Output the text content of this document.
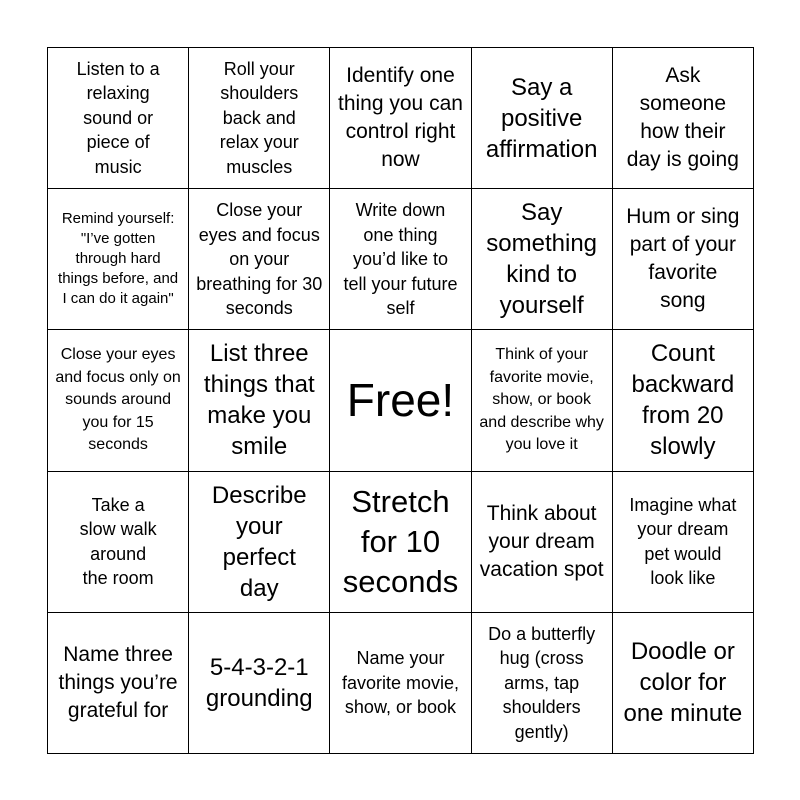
Listen to a relaxing sound or piece of music
Roll your shoulders back and relax your muscles
Identify one thing you can control right now
Say a positive affirmation
Ask someone how their day is going
Remind yourself: "I’ve gotten through hard things before, and I can do it again"
Close your eyes and focus on your breathing for 30 seconds
Write down one thing you’d like to tell your future self
Say something kind to yourself
Hum or sing part of your favorite song
Close your eyes and focus only on sounds around you for 15 seconds
List three things that make you smile
Free!
Think of your favorite movie, show, or book and describe why you love it
Count backward from 20 slowly
Take a slow walk around the room
Describe your perfect day
Stretch for 10 seconds
Think about your dream vacation spot
Imagine what your dream pet would look like
Name three things you’re grateful for
5-4-3-2-1 grounding
Name your favorite movie, show, or book
Do a butterfly hug (cross arms, tap shoulders gently)
Doodle or color for one minute
